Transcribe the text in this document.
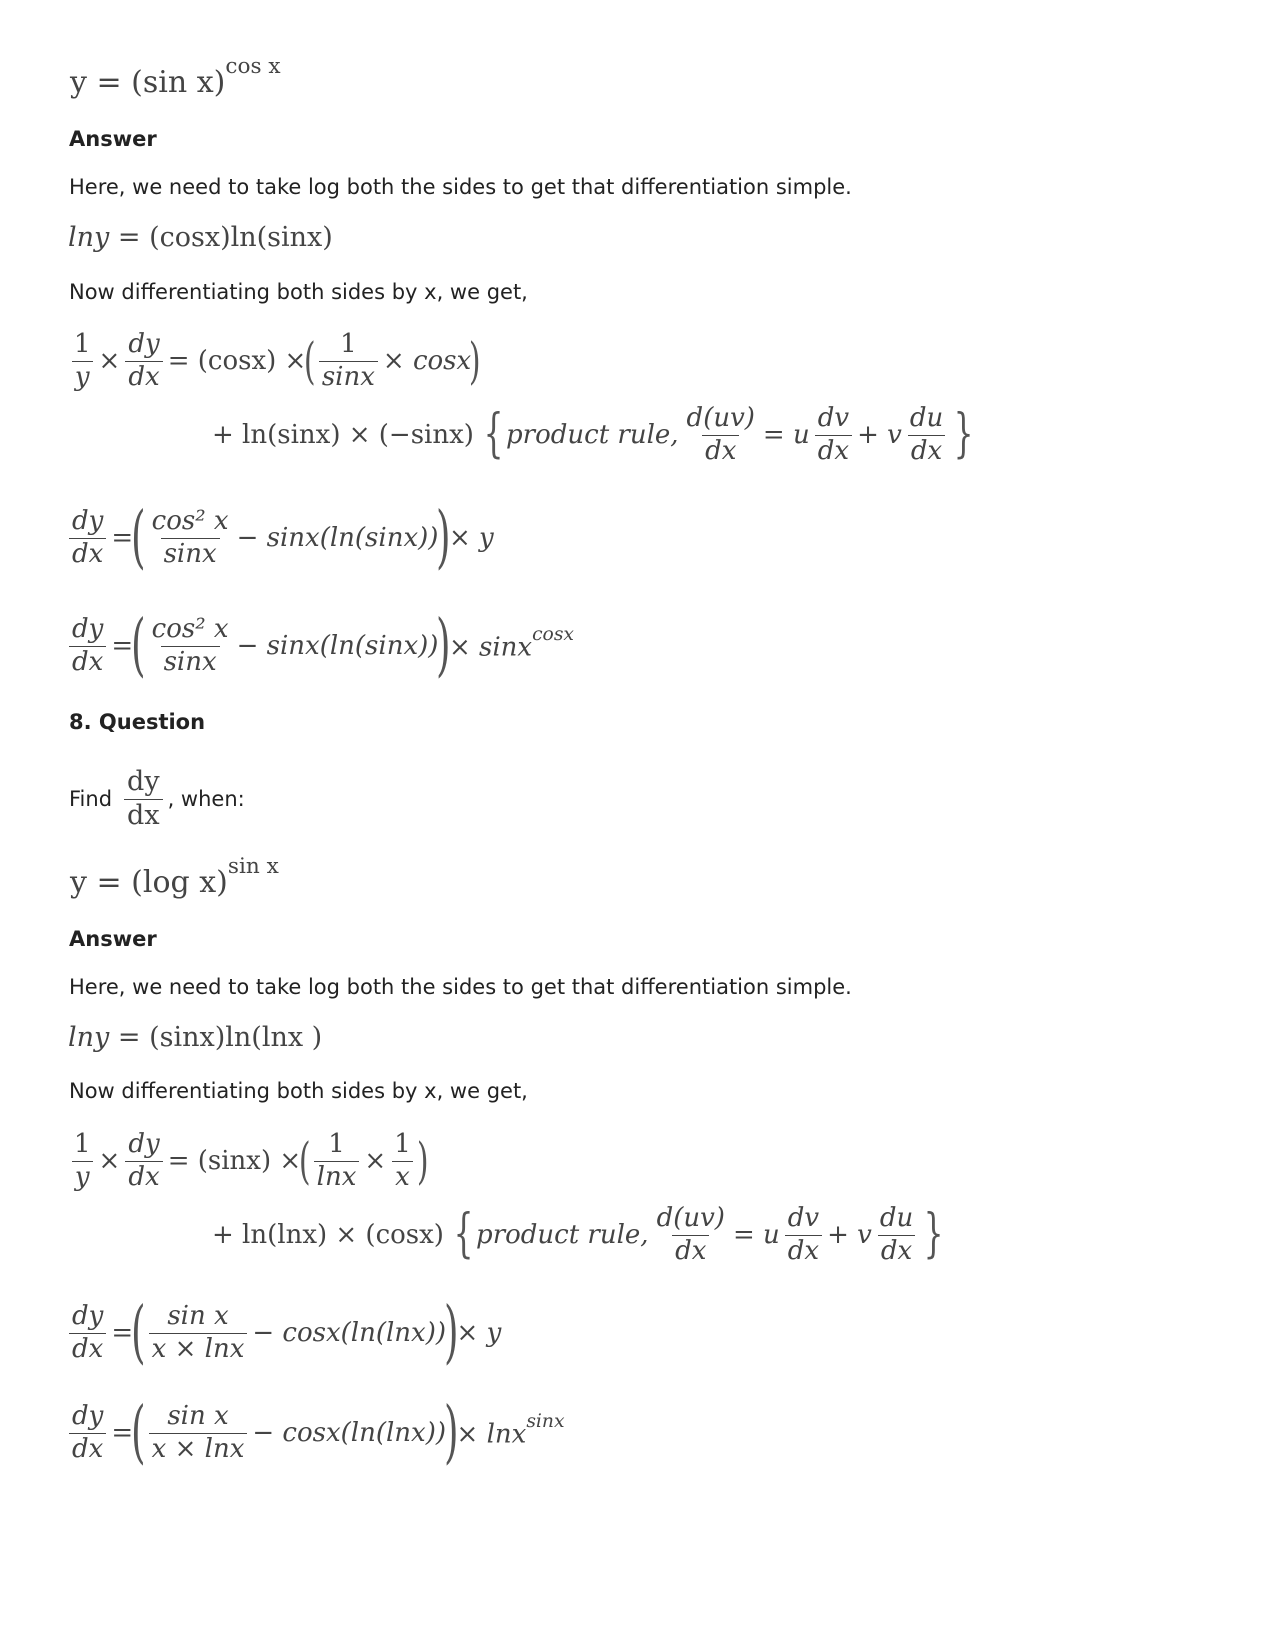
y = (sin x)$^{cos x}$
Answer
Here, we need to take log both the sides to get that differentiation simple.
lny = (cosx)ln(sinx)
Now differentiating both sides by x, we get,
$\frac{1}{y} \times \frac{dy}{dx} = (\cos x)$ ×
( $\frac{1}{\sin x} \times \cos x$
)
+ ln(sinx) × (−sinx) { product rule, $\frac{d(uv)}{dx} = u \frac{dv}{dx} + v \frac{du}{dx}$ }
$\frac{dy}{dx}$ =
( $\frac{\text{cos² x}}{\sin x} - \sin x(\ln(\sin x))$
)
× y
$\frac{dy}{dx}$ =
( $\frac{\text{cos² x}}{\sin x} - \sin x(\ln(\sin x))$
)
× sinx$^{cosx}$
8. Question
Find $\frac{dy}{dx}$ , when:
y = (log x)$^{sin x}$
Answer
Here, we need to take log both the sides to get that differentiation simple.
lny = (sinx)ln(lnx )
Now differentiating both sides by x, we get,
$\frac{1}{y} \times \frac{dy}{dx} = (\sin x)$ ×
( $\frac{1}{\ln x} \times \frac{1}{x}$ )
+ ln(lnx) × (cosx) { product rule, $\frac{d(uv)}{dx} = u \frac{dv}{dx} + v \frac{du}{dx}$ }
$\frac{dy}{dx}$ =
( $\frac{\text{sin x}}{x \times \ln x} - \cos x(\ln(\ln x))$
)
× y
$\frac{dy}{dx}$ =
( $\frac{\text{sin x}}{x \times \ln x} - \cos x(\ln(\ln x))$
)
× lnx$^{sinx}$
